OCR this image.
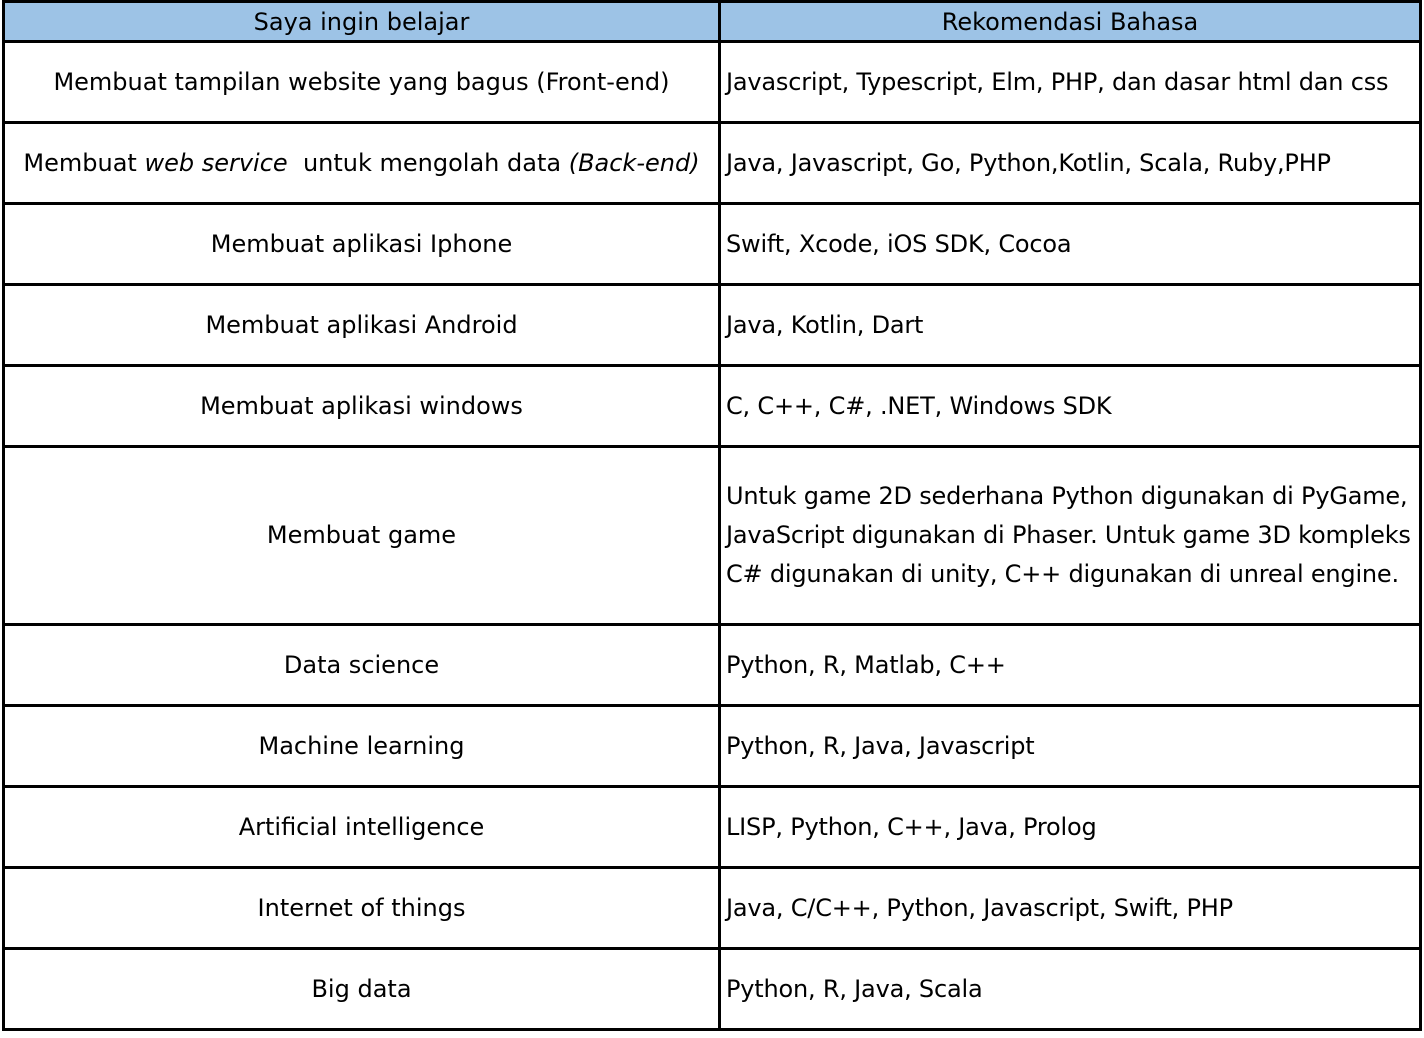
Saya ingin belajar	Rekomendasi Bahasa
Membuat tampilan website yang bagus (Front-end)	Javascript, Typescript, Elm, PHP, dan dasar html dan css
Membuat web service  untuk mengolah data (Back-end)	Java, Javascript, Go, Python,Kotlin, Scala, Ruby,PHP
Membuat aplikasi Iphone	Swift, Xcode, iOS SDK, Cocoa
Membuat aplikasi Android	Java, Kotlin, Dart
Membuat aplikasi windows	C, C++, C#, .NET, Windows SDK
Membuat game	Untuk game 2D sederhana Python digunakan di PyGame, JavaScript digunakan di Phaser. Untuk game 3D kompleks C# digunakan di unity, C++ digunakan di unreal engine.
Data science	Python, R, Matlab, C++
Machine learning	Python, R, Java, Javascript
Artificial intelligence	LISP, Python, C++, Java, Prolog
Internet of things	Java, C/C++, Python, Javascript, Swift, PHP
Big data	Python, R, Java, Scala
